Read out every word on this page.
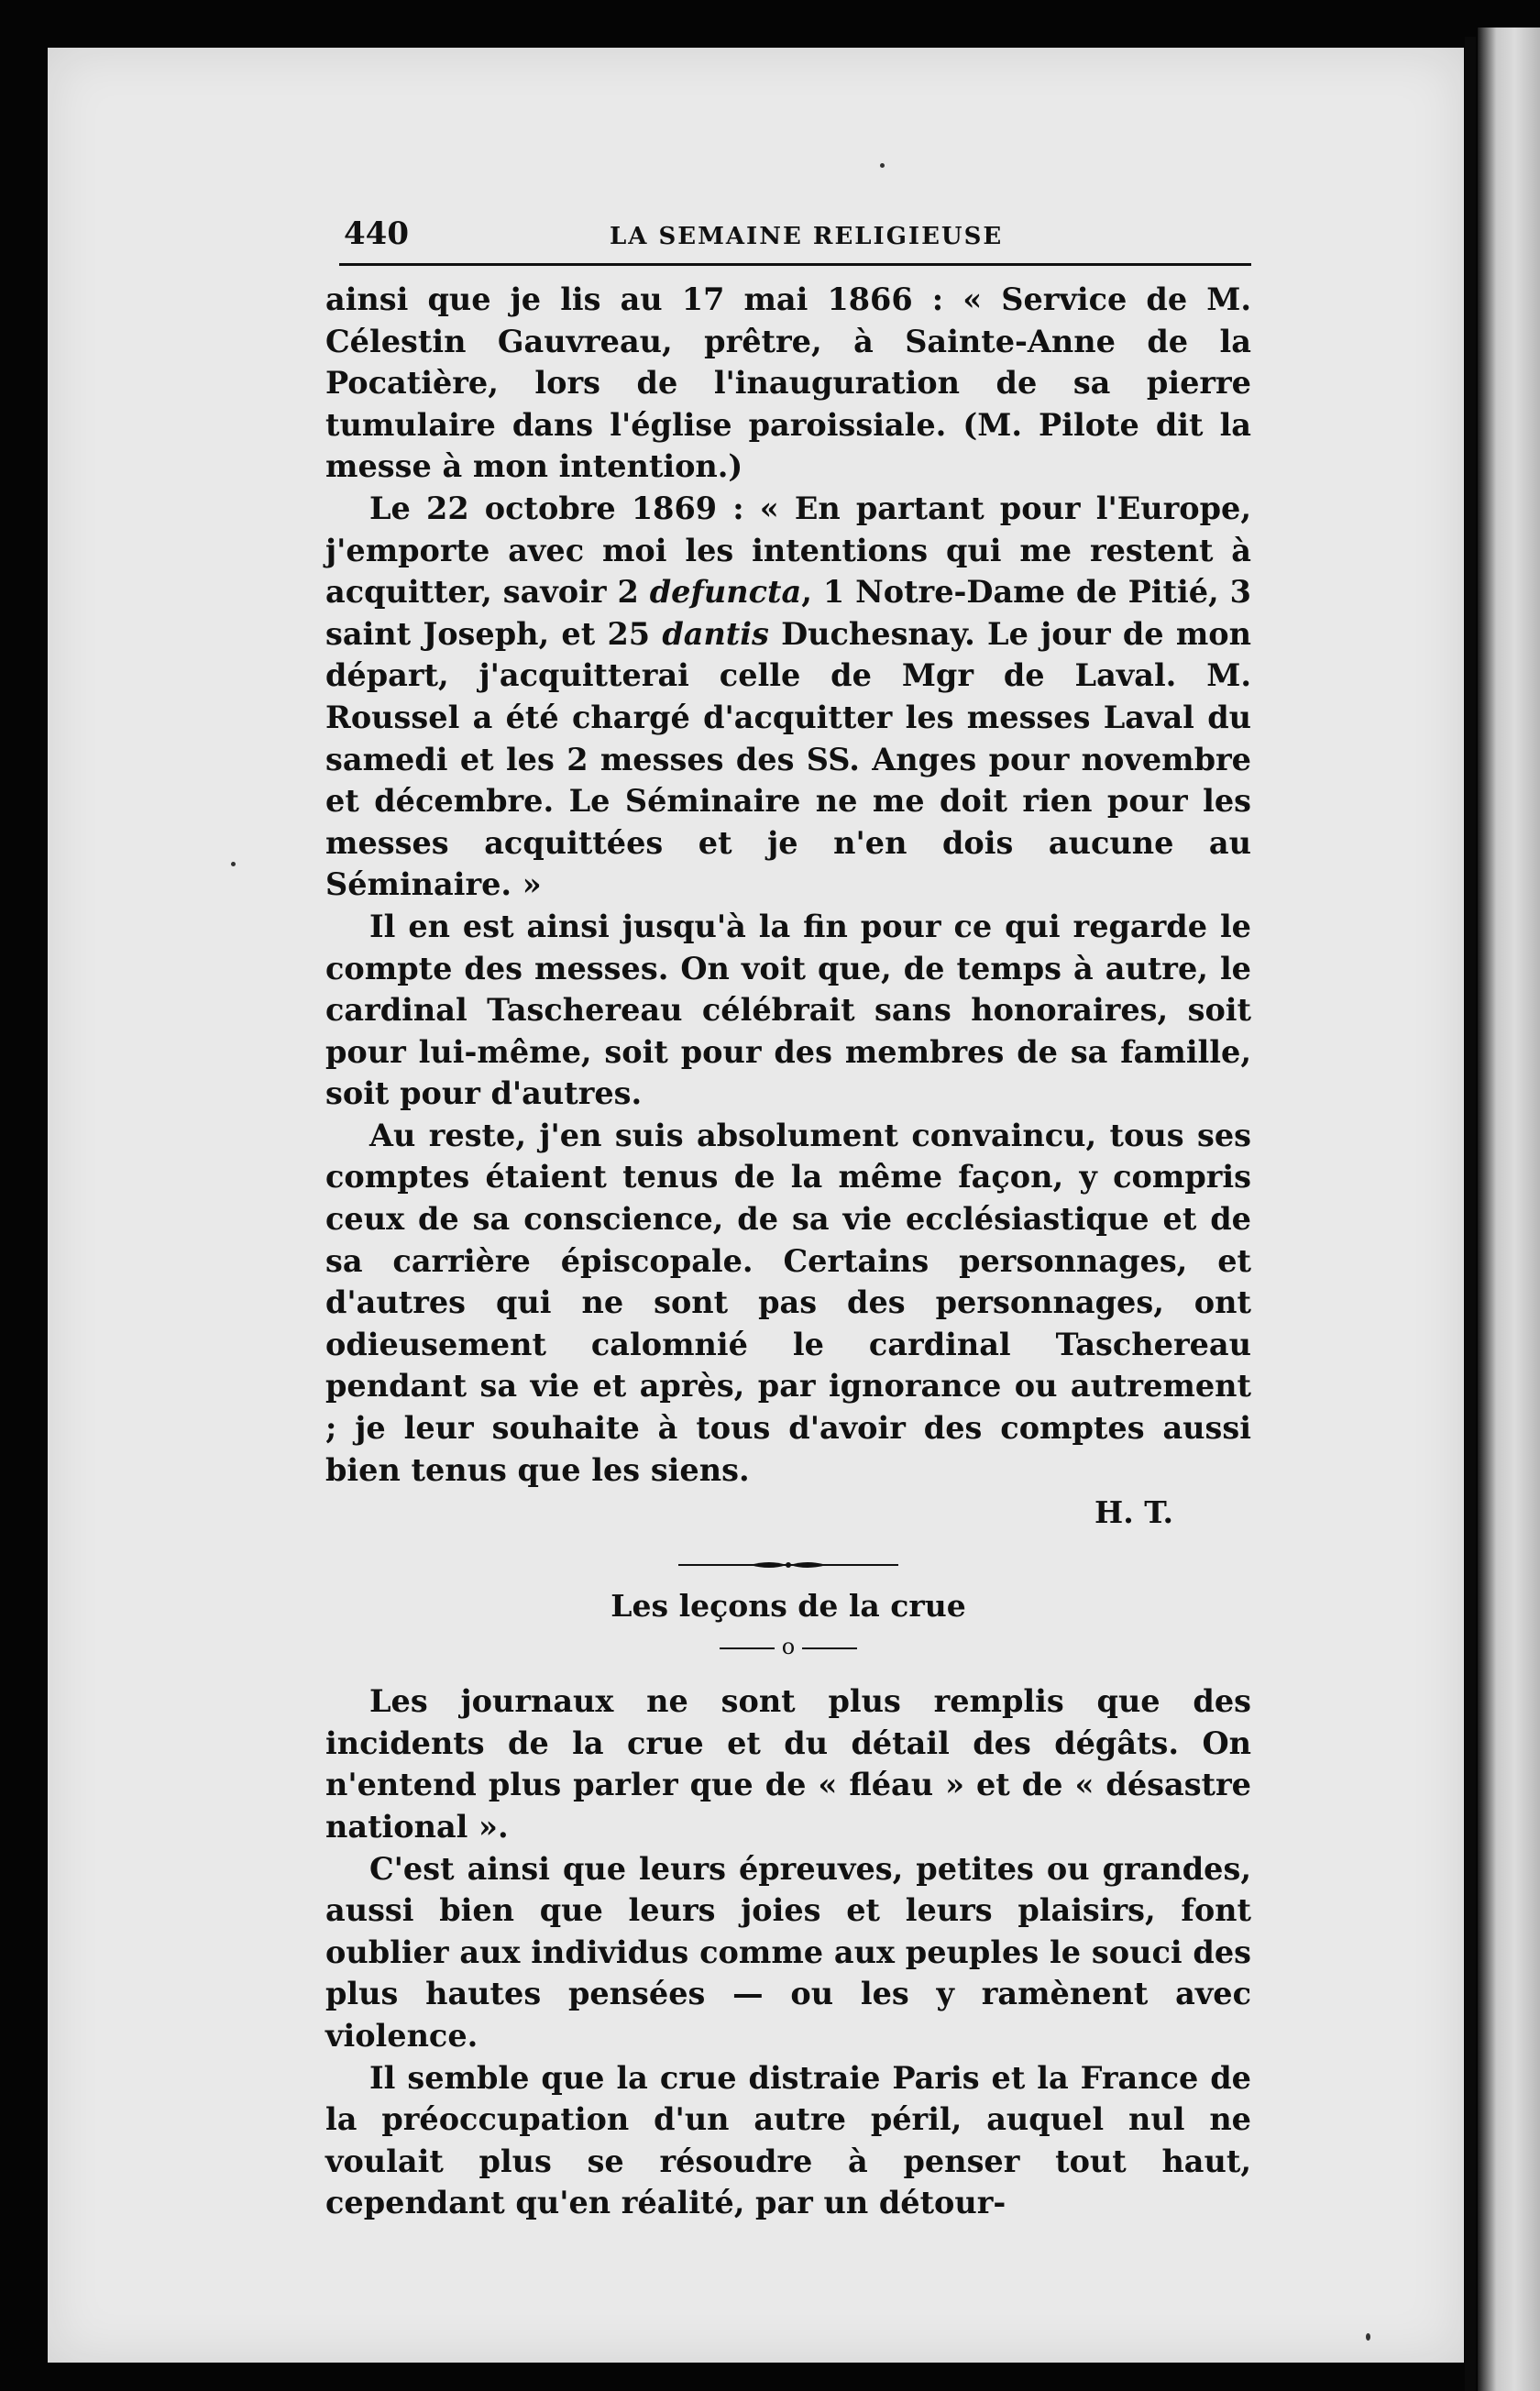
440	LA SEMAINE RELIGIEUSE

ainsi que je lis au 17 mai 1866 : « Service de M. Célestin Gauvreau, prêtre, à Sainte-Anne de la Pocatière, lors de l'inauguration de sa pierre tumulaire dans l'église paroissiale. (M. Pilote dit la messe à mon intention.)

Le 22 octobre 1869 : « En partant pour l'Europe, j'emporte avec moi les intentions qui me restent à acquitter, savoir 2 defuncta, 1 Notre-Dame de Pitié, 3 saint Joseph, et 25 dantis Duchesnay. Le jour de mon départ, j'acquitterai celle de Mgr de Laval. M. Roussel a été chargé d'acquitter les messes Laval du samedi et les 2 messes des SS. Anges pour novembre et décembre. Le Séminaire ne me doit rien pour les messes acquittées et je n'en dois aucune au Séminaire. »

Il en est ainsi jusqu'à la fin pour ce qui regarde le compte des messes. On voit que, de temps à autre, le cardinal Taschereau célébrait sans honoraires, soit pour lui-même, soit pour des membres de sa famille, soit pour d'autres.

Au reste, j'en suis absolument convaincu, tous ses comptes étaient tenus de la même façon, y compris ceux de sa conscience, de sa vie ecclésiastique et de sa carrière épiscopale. Certains personnages, et d'autres qui ne sont pas des personnages, ont odieusement calomnié le cardinal Taschereau pendant sa vie et après, par ignorance ou autrement ; je leur souhaite à tous d'avoir des comptes aussi bien tenus que les siens.

H. T.
Les leçons de la crue
o

Les journaux ne sont plus remplis que des incidents de la crue et du détail des dégâts. On n'entend plus parler que de « fléau » et de « désastre national ».

C'est ainsi que leurs épreuves, petites ou grandes, aussi bien que leurs joies et leurs plaisirs, font oublier aux individus comme aux peuples le souci des plus hautes pensées — ou les y ramènent avec violence.

Il semble que la crue distraie Paris et la France de la préoccupation d'un autre péril, auquel nul ne voulait plus se résoudre à penser tout haut, cependant qu'en réalité, par un détour-
